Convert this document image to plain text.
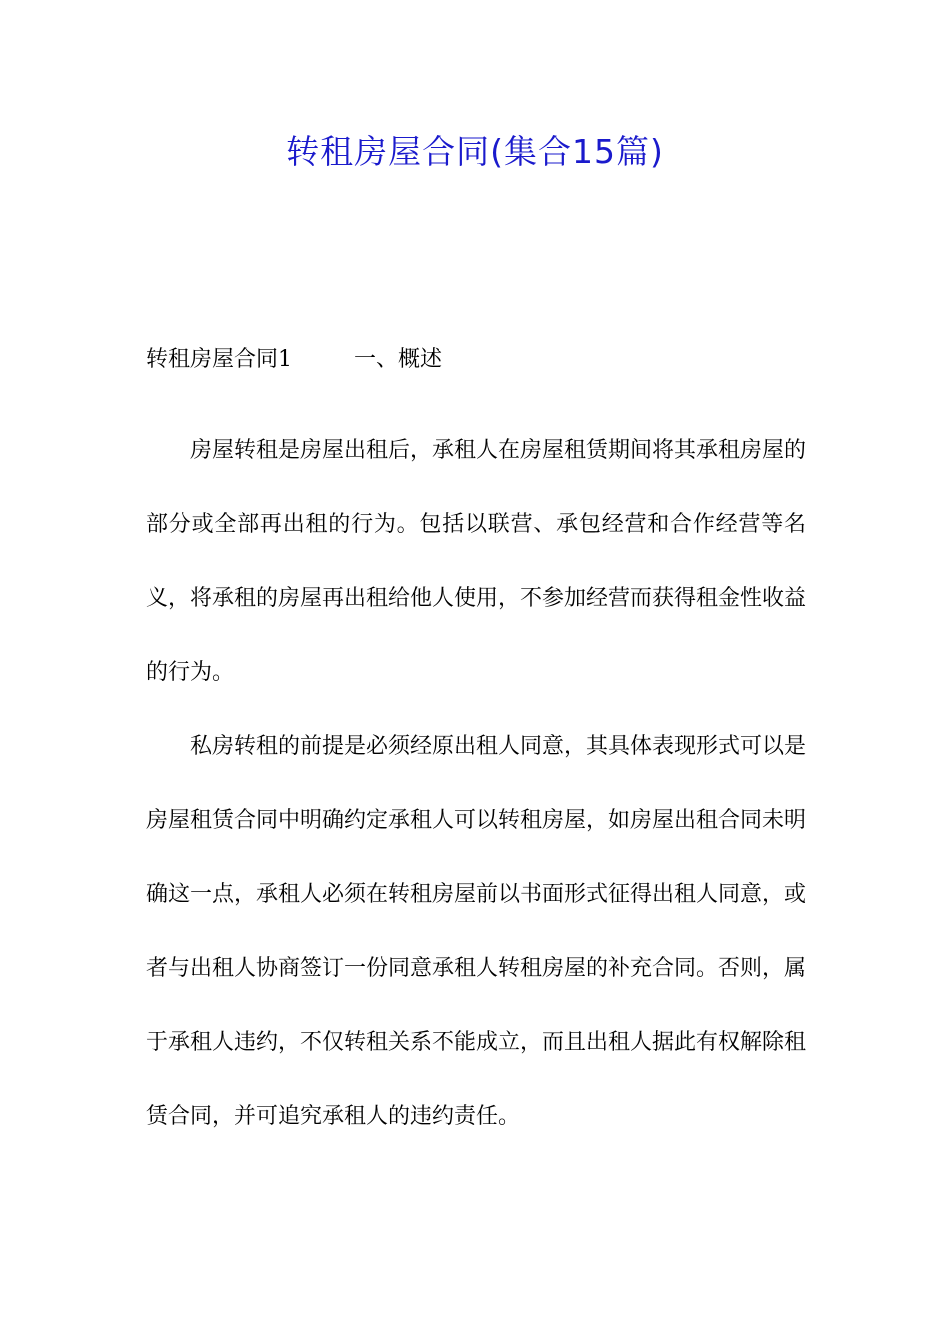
转租房屋合同(集合15篇)
转租房屋合同1	一、概述

房屋转租是房屋出租后，承租人在房屋租赁期间将其承租房屋的部分或全部再出租的行为。包括以联营、承包经营和合作经营等名义，将承租的房屋再出租给他人使用，不参加经营而获得租金性收益的行为。

私房转租的前提是必须经原出租人同意，其具体表现形式可以是房屋租赁合同中明确约定承租人可以转租房屋，如房屋出租合同未明确这一点，承租人必须在转租房屋前以书面形式征得出租人同意，或者与出租人协商签订一份同意承租人转租房屋的补充合同。否则，属于承租人违约，不仅转租关系不能成立，而且出租人据此有权解除租赁合同，并可追究承租人的违约责任。
